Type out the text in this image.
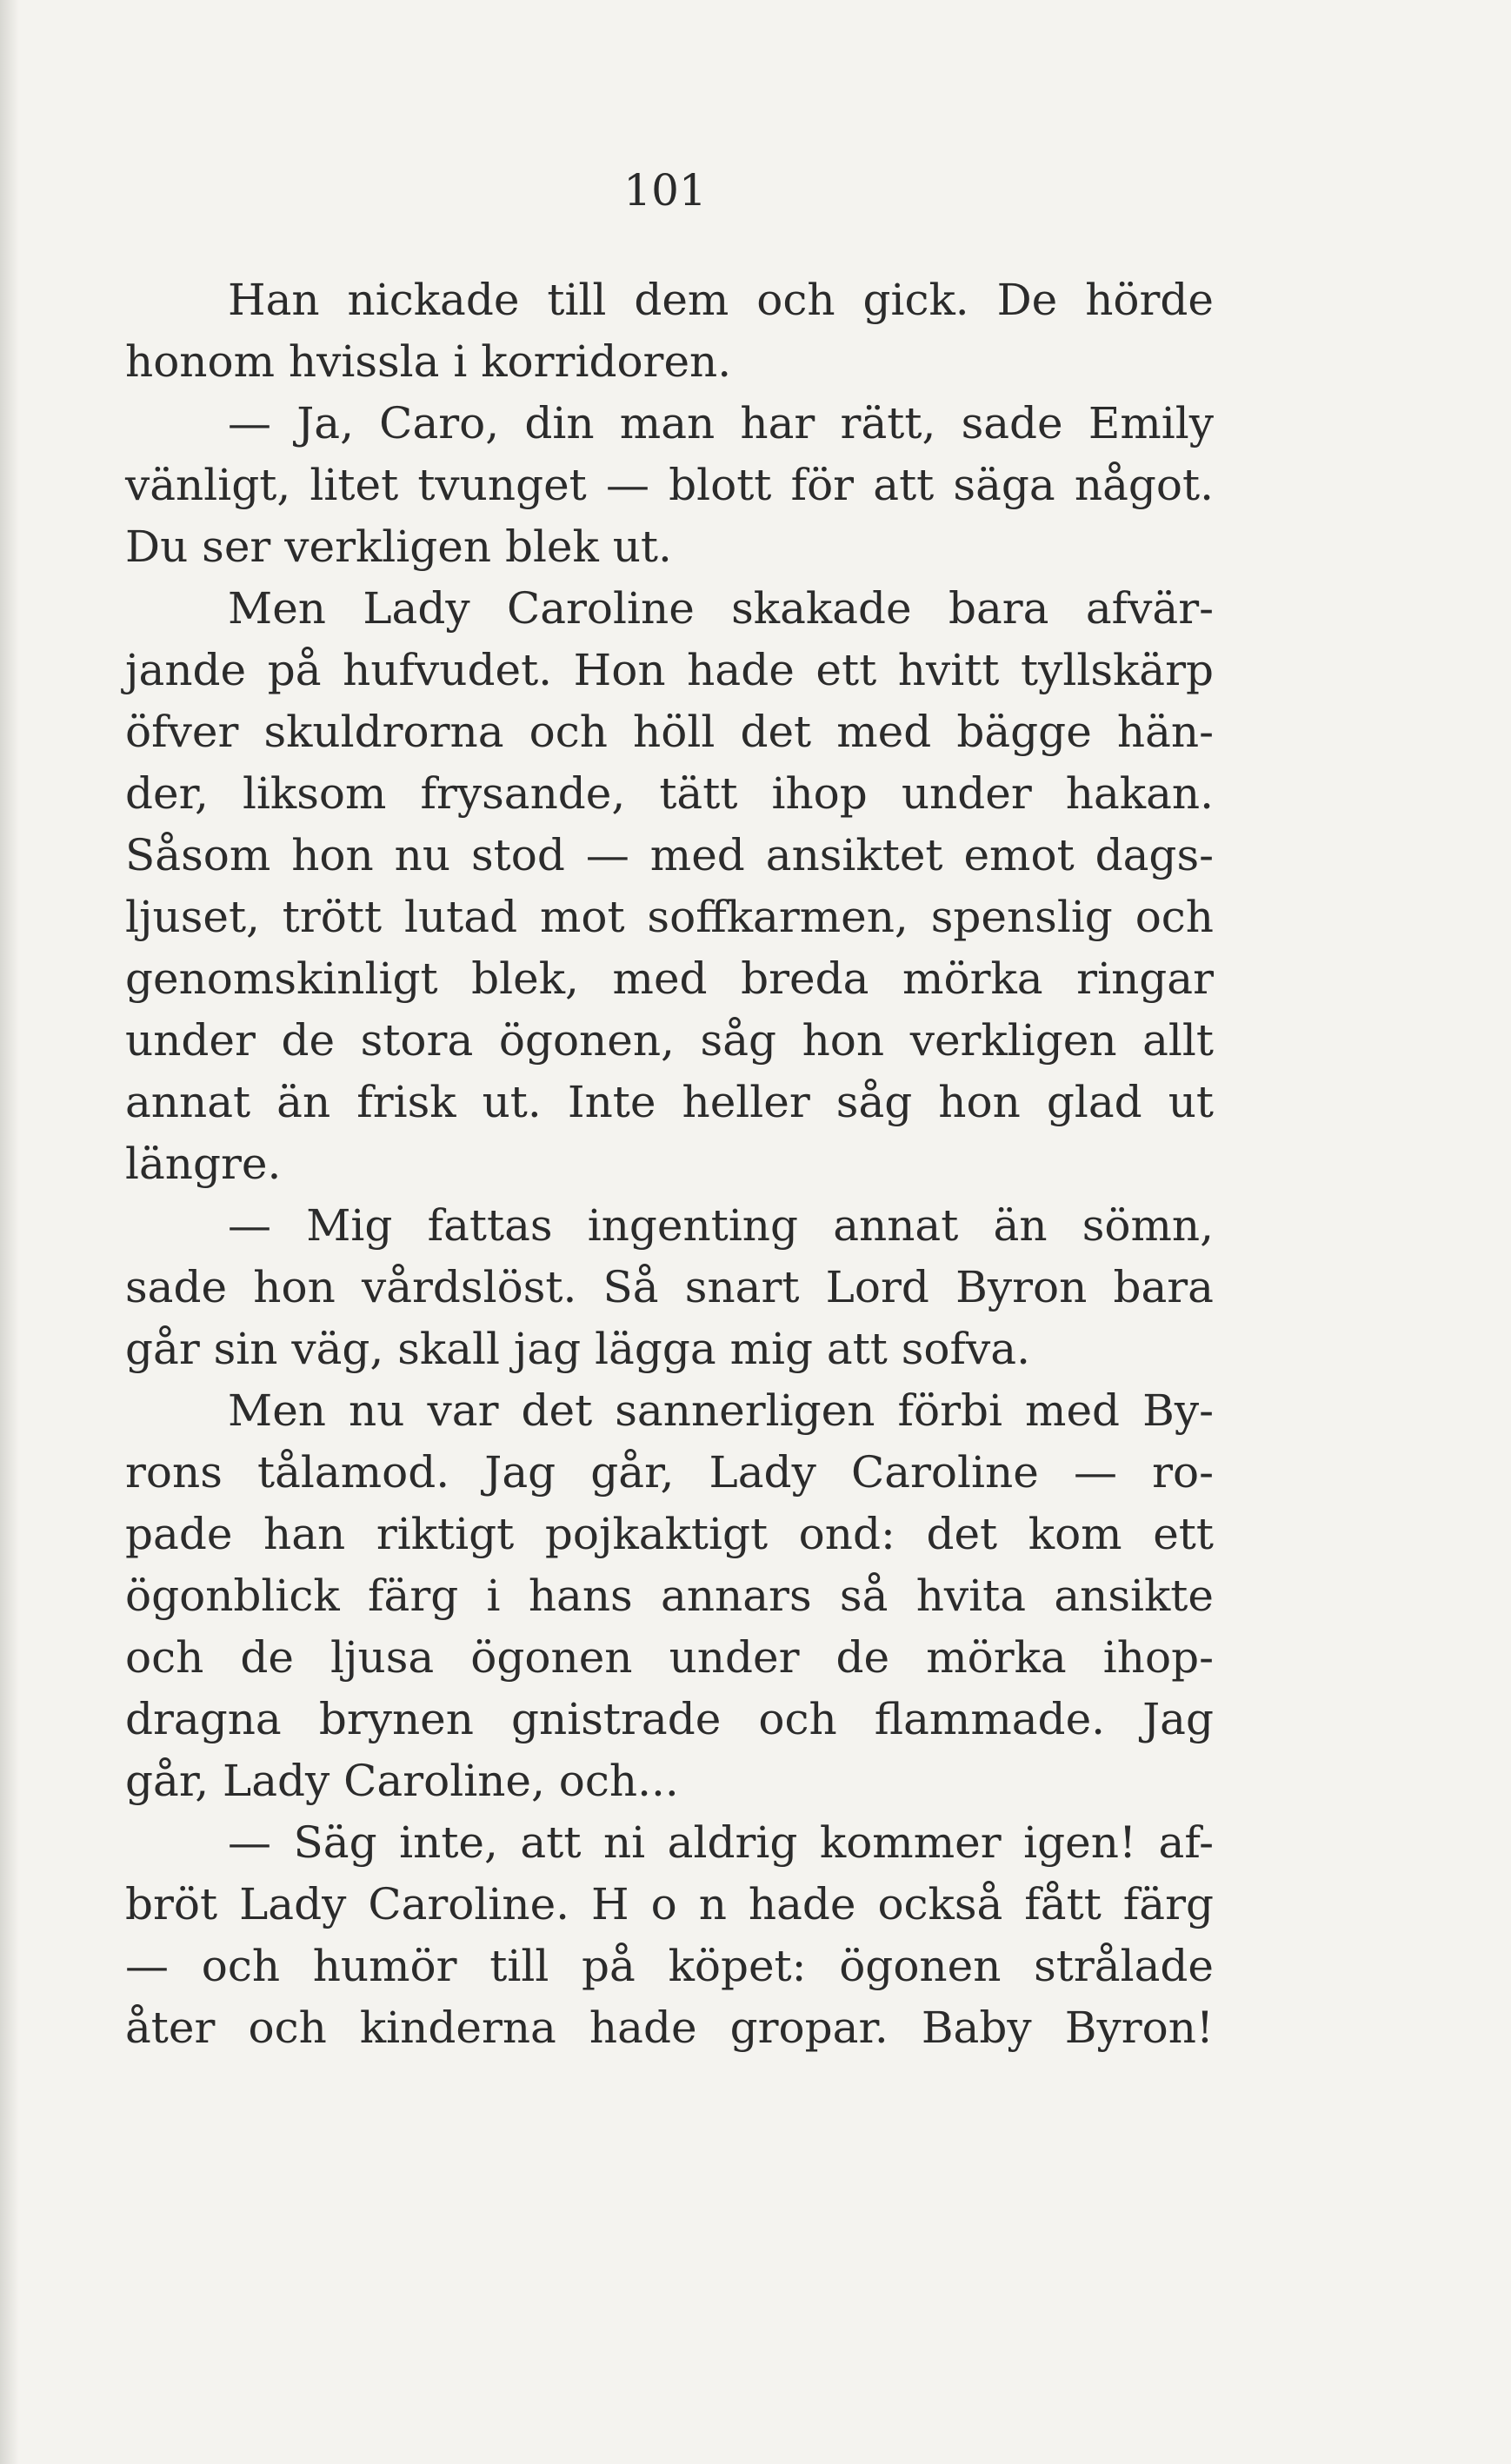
101
Han nickade till dem och gick. De hörde
honom hvissla i korridoren.
— Ja, Caro, din man har rätt, sade Emily
vänligt, litet tvunget — blott för att säga något.
Du ser verkligen blek ut.
Men Lady Caroline skakade bara afvär-
jande på hufvudet. Hon hade ett hvitt tyllskärp
öfver skuldrorna och höll det med bägge hän-
der, liksom frysande, tätt ihop under hakan.
Såsom hon nu stod — med ansiktet emot dags-
ljuset, trött lutad mot soffkarmen, spenslig och
genomskinligt blek, med breda mörka ringar
under de stora ögonen, såg hon verkligen allt
annat än frisk ut. Inte heller såg hon glad ut
längre.
— Mig fattas ingenting annat än sömn,
sade hon vårdslöst. Så snart Lord Byron bara
går sin väg, skall jag lägga mig att sofva.
Men nu var det sannerligen förbi med By-
rons tålamod. Jag går, Lady Caroline — ro-
pade han riktigt pojkaktigt ond: det kom ett
ögonblick färg i hans annars så hvita ansikte
och de ljusa ögonen under de mörka ihop-
dragna brynen gnistrade och flammade. Jag
går, Lady Caroline, och...
— Säg inte, att ni aldrig kommer igen! af-
bröt Lady Caroline. H o n hade också fått färg
— och humör till på köpet: ögonen strålade
åter och kinderna hade gropar. Baby Byron!
